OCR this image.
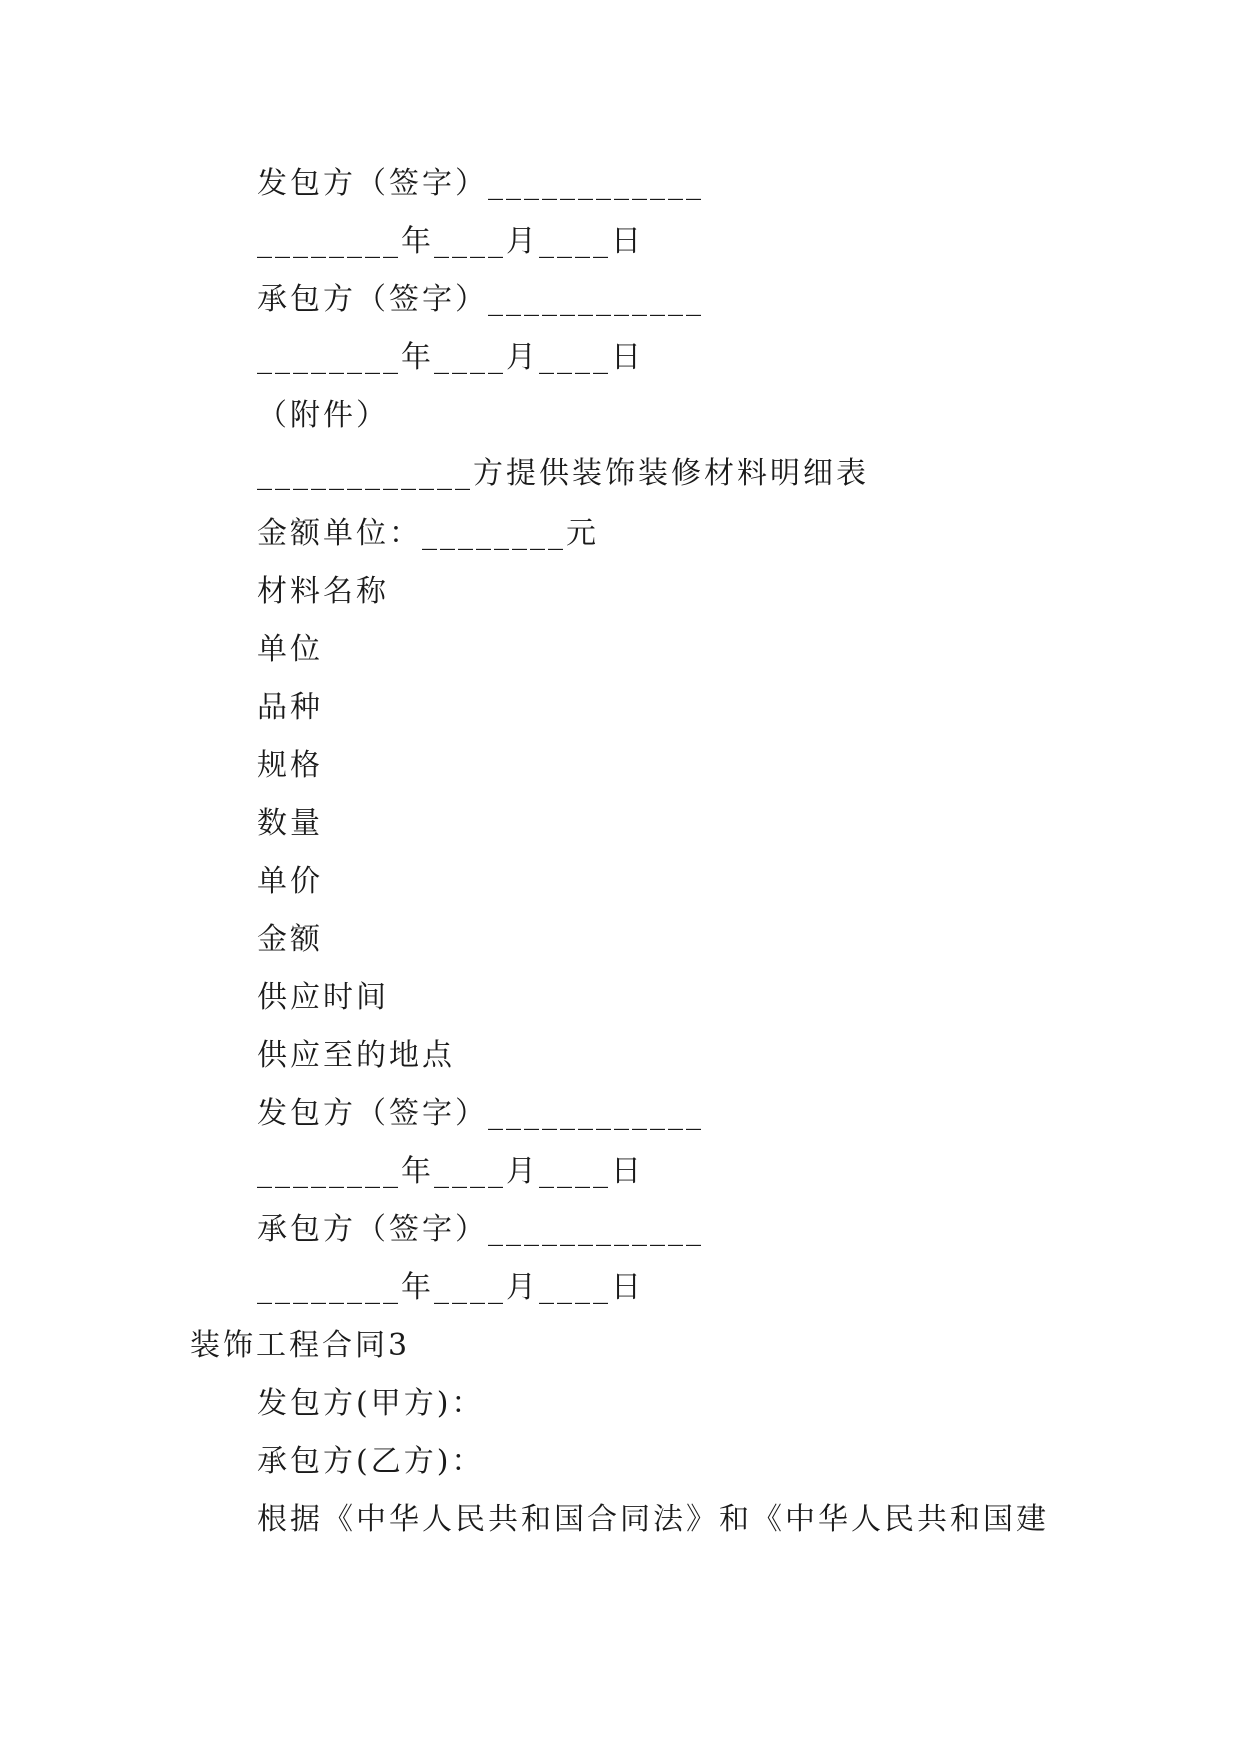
发包方（签字）____________
________年____月____日
承包方（签字）____________
________年____月____日
（附件）
____________方提供装饰装修材料明细表
金额单位：________元
材料名称
单位
品种
规格
数量
单价
金额
供应时间
供应至的地点
发包方（签字）____________
________年____月____日
承包方（签字）____________
________年____月____日
装饰工程合同3
发包方(甲方)：
承包方(乙方)：
根据《中华人民共和国合同法》和《中华人民共和国建
